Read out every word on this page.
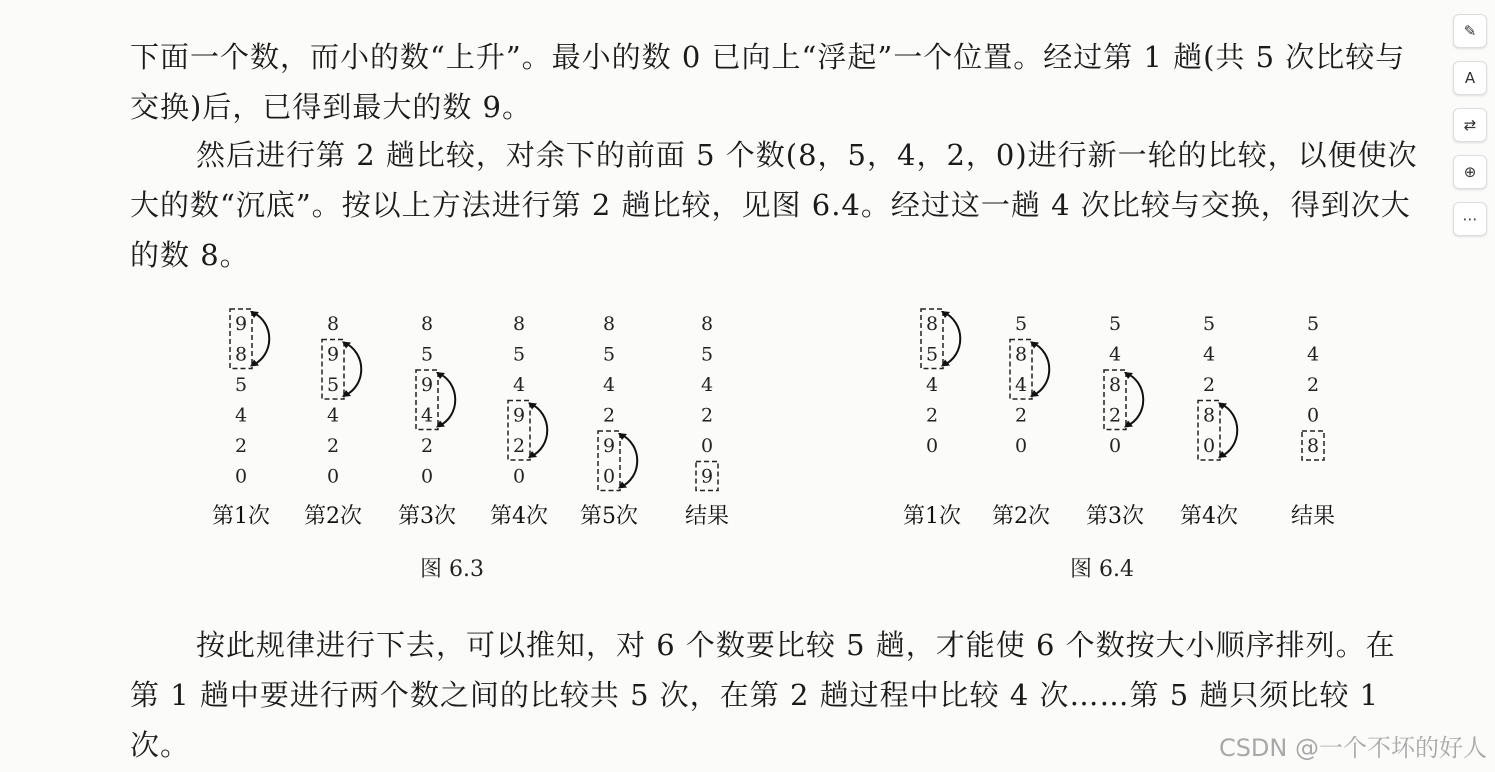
下面一个数，而小的数“上升”。最小的数 0 已向上“浮起”一个位置。经过第 1 趟(共 5 次比较与交换)后，已得到最大的数 9。

然后进行第 2 趟比较，对余下的前面 5 个数(8，5，4，2，0)进行新一轮的比较，以便使次大的数“沉底”。按以上方法进行第 2 趟比较，见图 6.4。经过这一趟 4 次比较与交换，得到次大的数 8。

9
8
5
4
2
0
第1次
8
9
5
4
2
0
第2次
8
5
9
4
2
0
第3次
8
5
4
9
2
0
第4次
8
5
4
2
9
0
第5次
8
5
4
2
0
9
结果
图 6.3
8
5
4
2
0
第1次
5
8
4
2
0
第2次
5
4
8
2
0
第3次
5
4
2
8
0
第4次
5
4
2
0
8
结果
图 6.4

按此规律进行下去，可以推知，对 6 个数要比较 5 趟，才能使 6 个数按大小顺序排列。在第 1 趟中要进行两个数之间的比较共 5 次，在第 2 趟过程中比较 4 次……第 5 趟只须比较 1 次。

✎
A
⇄
⊕
⋯
CSDN @一个不坏的好人
